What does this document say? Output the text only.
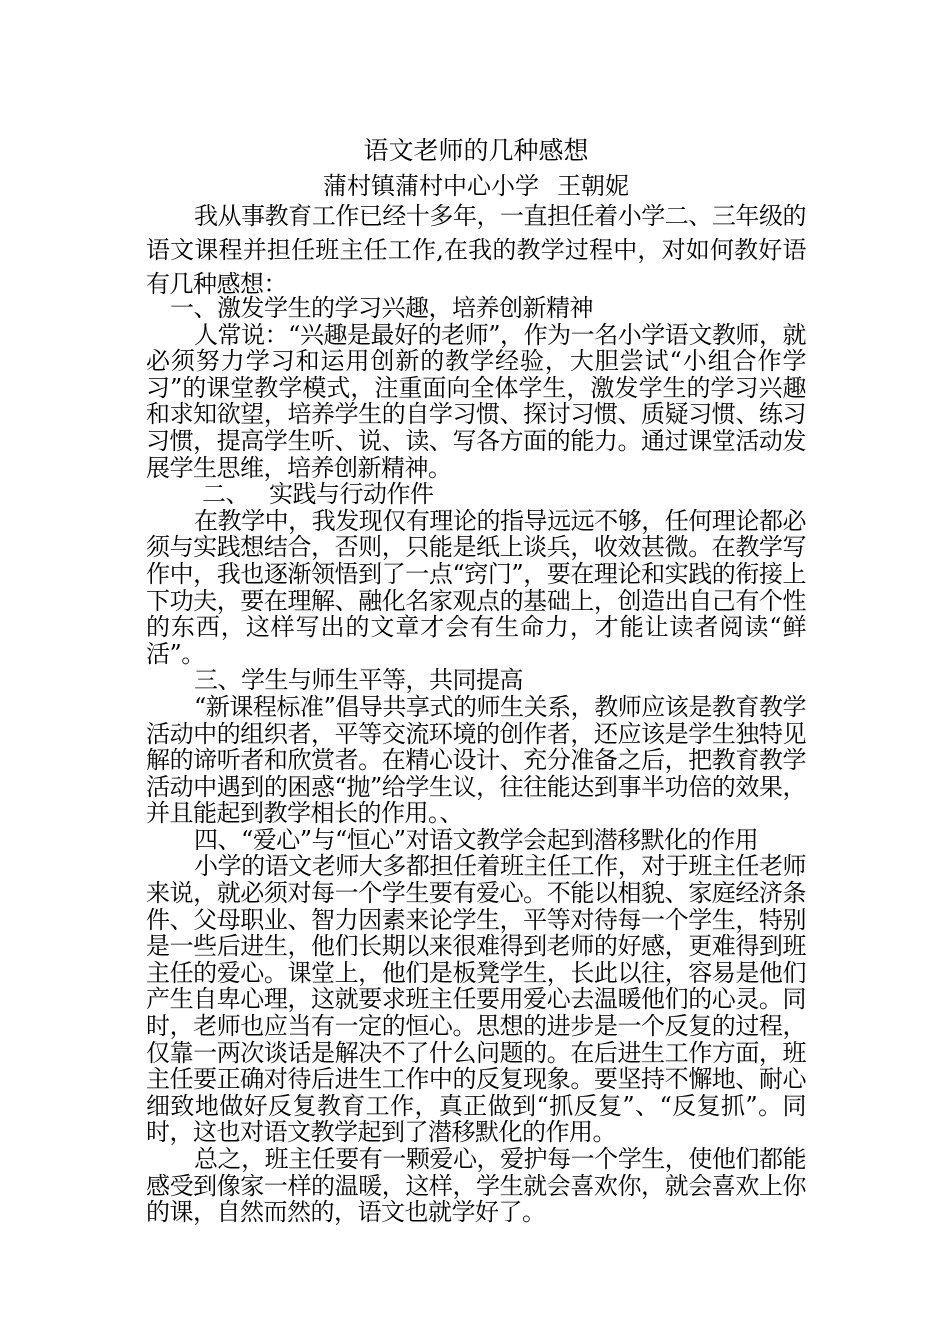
语文老师的几种感想
蒲村镇蒲村中心小学 王朝妮

我从事教育工作已经十多年，一直担任着小学二、三年级的语文课程并担任班主任工作,在我的教学过程中，对如何教好语有几种感想：

一、激发学生的学习兴趣，培养创新精神

人常说：“兴趣是最好的老师”，作为一名小学语文教师，就必须努力学习和运用创新的教学经验，大胆尝试“小组合作学习”的课堂教学模式，注重面向全体学生，激发学生的学习兴趣和求知欲望，培养学生的自学习惯、探讨习惯、质疑习惯、练习习惯，提高学生听、说、读、写各方面的能力。通过课堂活动发展学生思维，培养创新精神。

二、 实践与行动作件

在教学中，我发现仅有理论的指导远远不够，任何理论都必须与实践想结合，否则，只能是纸上谈兵，收效甚微。在教学写作中，我也逐渐领悟到了一点“窍门”，要在理论和实践的衔接上下功夫，要在理解、融化名家观点的基础上，创造出自己有个性的东西，这样写出的文章才会有生命力，才能让读者阅读“鲜活”。

三、学生与师生平等，共同提高

“新课程标准”倡导共享式的师生关系，教师应该是教育教学活动中的组织者，平等交流环境的创作者，还应该是学生独特见解的谛听者和欣赏者。在精心设计、充分准备之后，把教育教学活动中遇到的困惑“抛”给学生议，往往能达到事半功倍的效果，并且能起到教学相长的作用。、

四、“爱心”与“恒心”对语文教学会起到潜移默化的作用

小学的语文老师大多都担任着班主任工作，对于班主任老师来说，就必须对每一个学生要有爱心。不能以相貌、家庭经济条件、父母职业、智力因素来论学生，平等对待每一个学生，特别是一些后进生，他们长期以来很难得到老师的好感，更难得到班主任的爱心。课堂上，他们是板凳学生，长此以往，容易是他们产生自卑心理，这就要求班主任要用爱心去温暖他们的心灵。同时，老师也应当有一定的恒心。思想的进步是一个反复的过程，仅靠一两次谈话是解决不了什么问题的。在后进生工作方面，班主任要正确对待后进生工作中的反复现象。要坚持不懈地、耐心细致地做好反复教育工作，真正做到“抓反复”、“反复抓”。同时，这也对语文教学起到了潜移默化的作用。

总之，班主任要有一颗爱心，爱护每一个学生，使他们都能感受到像家一样的温暖，这样，学生就会喜欢你，就会喜欢上你的课，自然而然的，语文也就学好了。
